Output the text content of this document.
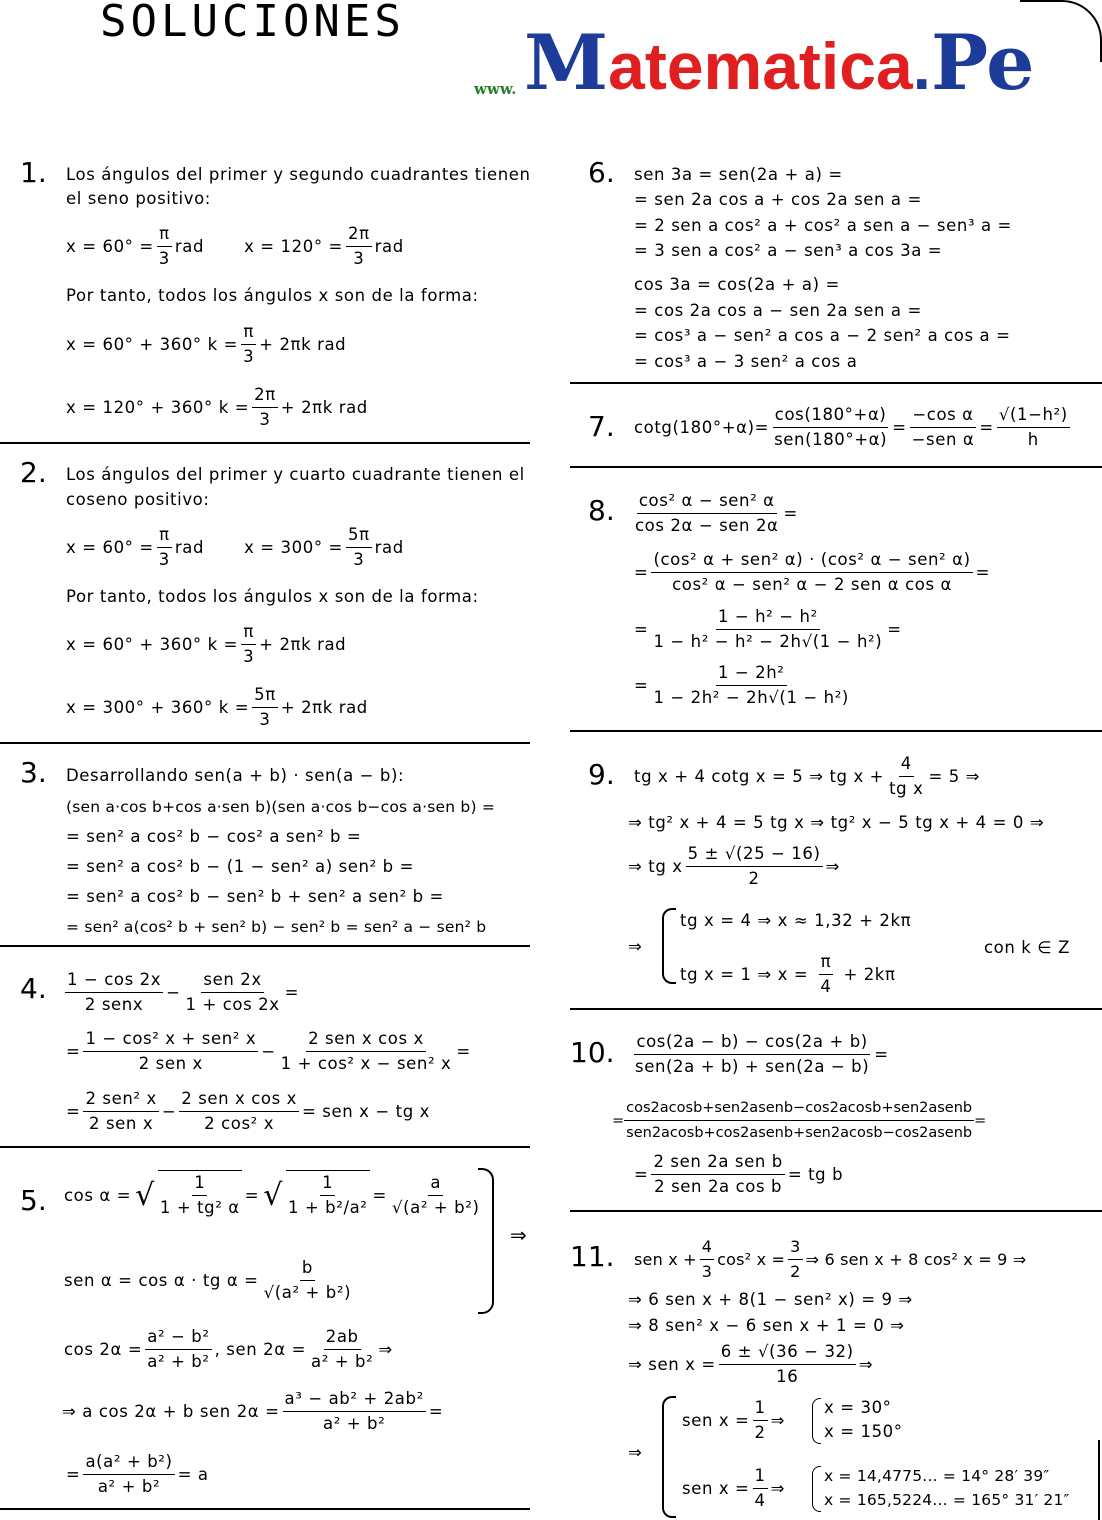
SOLUCIONES
www. Matematica.Pe
1. Los ángulos del primer y segundo cuadrantes tienen
el seno positivo:
$x = 60^\circ = \frac{\pi}{3}$ rad $x = 120^\circ = \frac{2\pi}{3}$ rad
Por tanto, todos los ángulos x son de la forma:
x = 60° + 360° $k = \frac{\pi}{3} + 2\pi k$ rad
x = 120° + 360° $k = \frac{2\pi}{3} + 2\pi k$ rad
2. Los ángulos del primer y cuarto cuadrante tienen el
coseno positivo:
$x = 60^\circ = \frac{\pi}{3}$ rad $x = 300^\circ = \frac{5\pi}{3}$ rad
Por tanto, todos los ángulos x son de la forma:
x = 60° + 360° $k = \frac{\pi}{3} + 2\pi k$ rad
x = 300° + 360° $k = \frac{5\pi}{3} + 2\pi k$ rad
3. Desarrollando sen(a + b) · sen(a − b):
(sen a·cos b+cos a·sen b)(sen a·cos b−cos a·sen b) =
= sen² a cos² b − cos² a sen² b =
= sen² a cos² b − (1 − sen² a) sen² b =
= sen² a cos² b − sen² b + sen² a sen² b =
= sen² a(cos² b + sen² b) − sen² b = sen² a − sen² b
4. $\frac{1 - \cos 2x}{\text{2 senx}} - \frac{\text{sen 2x}}{1 + \cos 2x}$ =
= $\frac{\text{1 − cos² x + sen² x}}{\text{2 sen x}} - \frac{\text{2 sen x cos x}}{\text{1 + cos² x − sen² x}}$ =
= $\frac{\text{2 sen² x}}{\text{2 sen x}} - \frac{\text{2 sen x cos x}}{\text{2 cos² x}}$ = sen x − tg x
5. cos α = √ $\frac{1}{\text{1 + tg² α}}$ = √ $\frac{1}{\text{1 + b²/a²}} = \frac{a}{\text{√(a² + b²)}}$
sen α = cos α · tg $\alpha = \frac{b}{\text{√(a² + b²)}}$
⇒
$\cos 2\alpha = \frac{\text{a² − b²}}{\text{a² + b²}}$ , sen $2\alpha = \frac{2ab}{\text{a² + b²}}$ ⇒
⇒ a cos 2α + b sen $2\alpha = \frac{\text{a³ − ab² + 2ab²}}{\text{a² + b²}}$ =
= $\frac{\text{a(a² + b²)}}{\text{a² + b²}} = a$
6. sen 3a = sen(2a + a) =
= sen 2a cos a + cos 2a sen a =
= 2 sen a cos² a + cos² a sen a − sen³ a =
= 3 sen a cos² a − sen³ a cos 3a =
cos 3a = cos(2a + a) =
= cos 2a cos a − sen 2a sen a =
= cos³ a − sen² a cos a − 2 sen² a cos a =
= cos³ a − 3 sen² a cos a
7. $\cot g(180^\circ+\alpha)= \frac{\cos(180^\circ+\alpha)}{\text{sen(180°+α)}} = \frac{\text{−cos α}}{\text{−sen α}} = \frac{\text{√(1−h²)}}{h}$
8. $\frac{\text{cos² α − sen² α}}{\text{cos 2α − sen 2α}}$ =
= $\frac{\text{(cos² α + sen² α) · (cos² α − sen² α)}}{\text{cos² α − sen² α − 2 sen α cos α}}$ =
= $\frac{\text{1 − h² − h²}}{\text{1 − h² − h² − 2h√(1 − h²)}}$ =
= $\frac{\text{1 − 2h²}}{\text{1 − 2h² − 2h√(1 − h²)}}$
9. tg x + 4 cotg x = 5 ⇒ tg $x + \frac{4}{\text{tg x}} = 5$ ⇒
⇒ tg² x + 4 = 5 tg x ⇒ tg² x − 5 tg x + 4 = 0 ⇒
⇒ tg x $\frac{5 \pm √(25 - 16)}{2}$ ⇒
⇒
tg x = 4 ⇒ x ≈ 1,32 + 2kπ
tg x = 1 ⇒ $x = \frac{\pi}{4} + 2k\pi$
con k ∈ Z
10. $\frac{\cos(2a - b) - \cos(2a + b)}{\text{sen(2a + b) + sen(2a − b)}}$ =
= $\frac{\text{cos2acosb+sen2asenb−cos2acosb+sen2asenb}}{\text{sen2acosb+cos2asenb+sen2acosb−cos2asenb}}$ =
= $\frac{\text{2 sen 2a sen b}}{\text{2 sen 2a cos b}}$ = tg b
11. sen $x + \frac{4}{3} \cos^2$ $x = \frac{3}{2}$ ⇒ 6 sen x + 8 cos² x = 9 ⇒
⇒ 6 sen x + 8(1 − sen² x) = 9 ⇒
⇒ 8 sen² x − 6 sen x + 1 = 0 ⇒
⇒ sen $x = \frac{6 \pm √(36 - 32)}{16}$ ⇒
⇒
sen $x = \frac{1}{2}$ ⇒
x = 30°
x = 150°
sen $x = \frac{1}{4}$ ⇒
x = 14,4775... = 14° 28′ 39″
x = 165,5224... = 165° 31′ 21″
